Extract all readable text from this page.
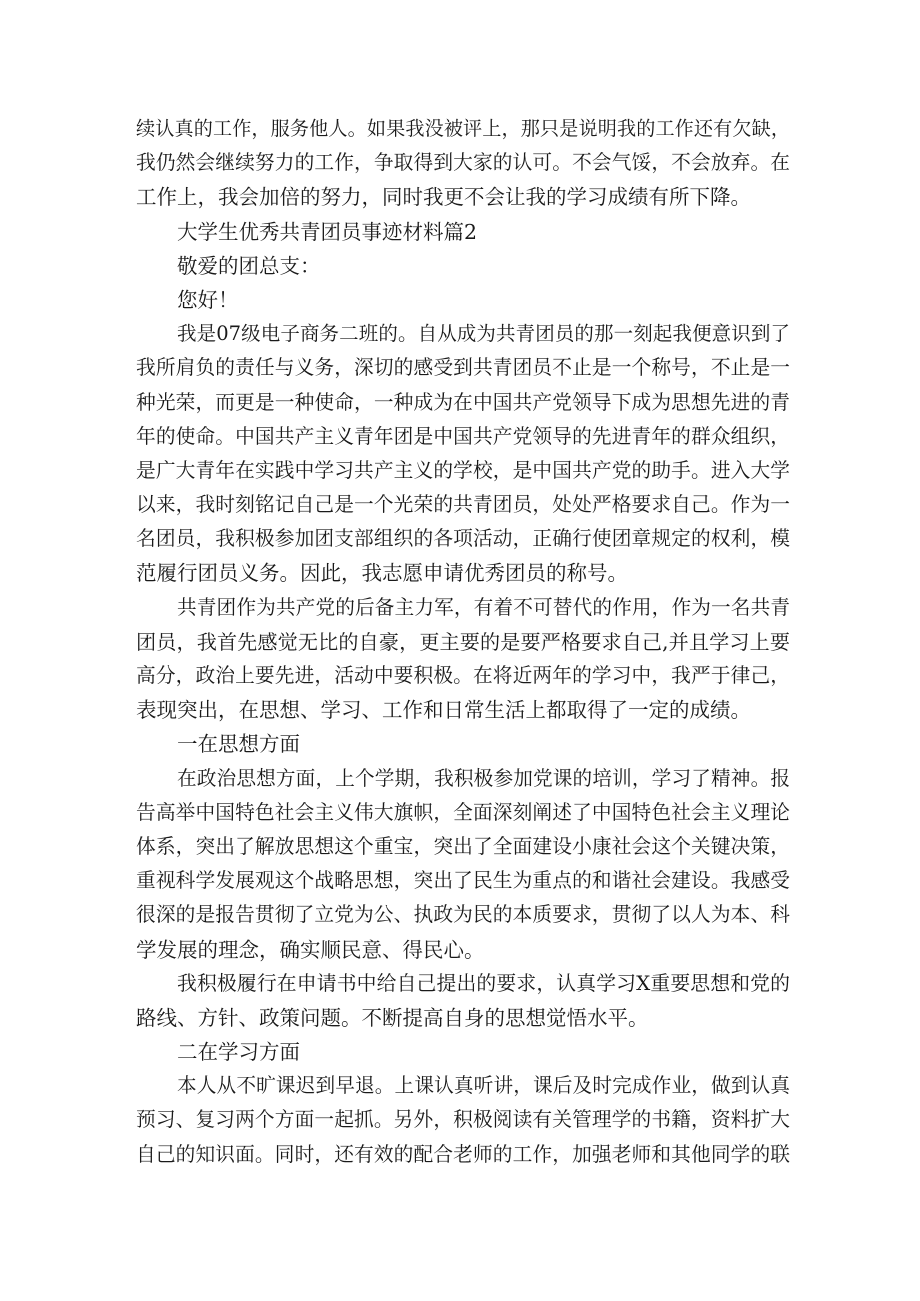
续认真的工作，服务他人。如果我没被评上，那只是说明我的工作还有欠缺，
我仍然会继续努力的工作，争取得到大家的认可。不会气馁，不会放弃。在
工作上，我会加倍的努力，同时我更不会让我的学习成绩有所下降。
大学生优秀共青团员事迹材料篇2
敬爱的团总支：
您好！
我是07级电子商务二班的。自从成为共青团员的那一刻起我便意识到了
我所肩负的责任与义务，深切的感受到共青团员不止是一个称号，不止是一
种光荣，而更是一种使命，一种成为在中国共产党领导下成为思想先进的青
年的使命。中国共产主义青年团是中国共产党领导的先进青年的群众组织，
是广大青年在实践中学习共产主义的学校，是中国共产党的助手。进入大学
以来，我时刻铭记自己是一个光荣的共青团员，处处严格要求自己。作为一
名团员，我积极参加团支部组织的各项活动，正确行使团章规定的权利，模
范履行团员义务。因此，我志愿申请优秀团员的称号。
共青团作为共产党的后备主力军，有着不可替代的作用，作为一名共青
团员，我首先感觉无比的自豪，更主要的是要严格要求自己,并且学习上要
高分，政治上要先进，活动中要积极。在将近两年的学习中，我严于律己，
表现突出，在思想、学习、工作和日常生活上都取得了一定的成绩。
一在思想方面
在政治思想方面，上个学期，我积极参加党课的培训，学习了精神。报
告高举中国特色社会主义伟大旗帜，全面深刻阐述了中国特色社会主义理论
体系，突出了解放思想这个重宝，突出了全面建设小康社会这个关键决策，
重视科学发展观这个战略思想，突出了民生为重点的和谐社会建设。我感受
很深的是报告贯彻了立党为公、执政为民的本质要求，贯彻了以人为本、科
学发展的理念，确实顺民意、得民心。
我积极履行在申请书中给自己提出的要求，认真学习X重要思想和党的
路线、方针、政策问题。不断提高自身的思想觉悟水平。
二在学习方面
本人从不旷课迟到早退。上课认真听讲，课后及时完成作业，做到认真
预习、复习两个方面一起抓。另外，积极阅读有关管理学的书籍，资料扩大
自己的知识面。同时，还有效的配合老师的工作，加强老师和其他同学的联
